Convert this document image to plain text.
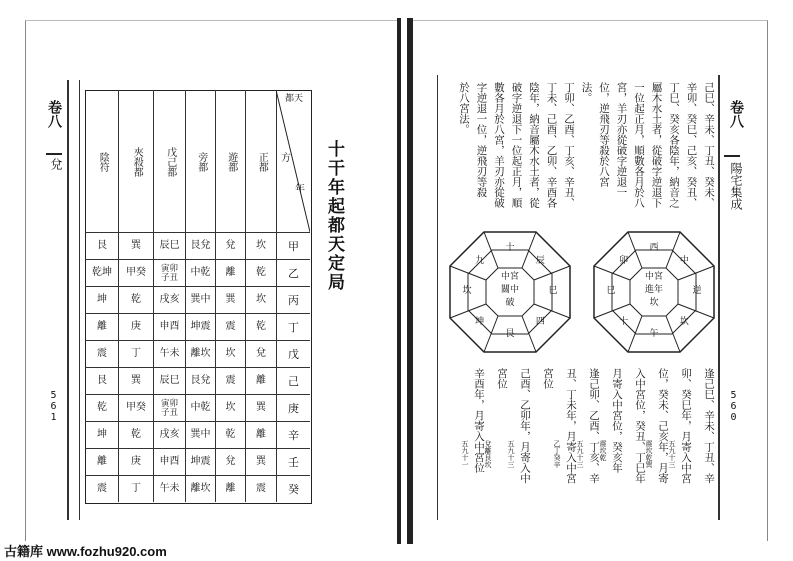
卷八
兌
561
都天
方
年
正都
遊都
旁都
戊己都
夾殺都
陰符
甲
乙
丙
丁
戊
己
庚
辛
壬
癸
坎
乾
坎
乾
兌
離
巽
離
巽
震
兌
離
巽
震
坎
震
坎
乾
兌
離
艮兌
中乾
巽中
坤震
離坎
艮兌
中乾
巽中
坤震
離坎
辰巳
寅卯
子丑
戌亥
申酉
午未
辰巳
寅卯
子丑
戌亥
申酉
午未
巽
甲癸
乾
庚
丁
巽
甲癸
乾
庚
丁
艮
乾坤
坤
離
震
艮
乾
坤
離
震
十干年起都天定局
卷八
陽宅集成
560
己巳、辛未、丁丑、癸未、
辛卯、癸巳、己亥、癸丑、
丁巳、癸亥各陰年，納音之
屬木水土者，從破字逆退下
一位起正月，順數各月於八
宮，羊刃亦從破字逆退一
位，逆飛刃等殺於八宮
法。
丁卯、乙酉、丁亥、辛丑、
丁未、己酉、乙卯、辛酉各
陰年，納音屬木水土者，從
破字逆退下一位起正月，順
數各月於八宮，羊刃亦從破
字逆退一位，逆飛刃等殺
於八宮法。
中宮
關中
破
十
辰
巳
四
艮
坤
坎
九
中宮
進年
坎
西
中
逆
坎
午
十
巳
卯
逢己巳、辛未、丁丑、辛
卯、癸巳年，月寄入中宮
五九十三
位，癸未、己亥年，月寄
震坎乾巽
入中宮位，癸丑、丁巳年
月寄入中宮位，癸亥年
震坎乾
逢己卯、乙酉、丁亥、辛
五九十三
丑、丁未年，月寄入中宮
乙丁癸辛
宮位
己酉、乙卯年，月寄入中
五九十三
宮位
兌離艮坎
辛酉年，月寄入中宮位
五九十一
古籍库 www.fozhu920.com
